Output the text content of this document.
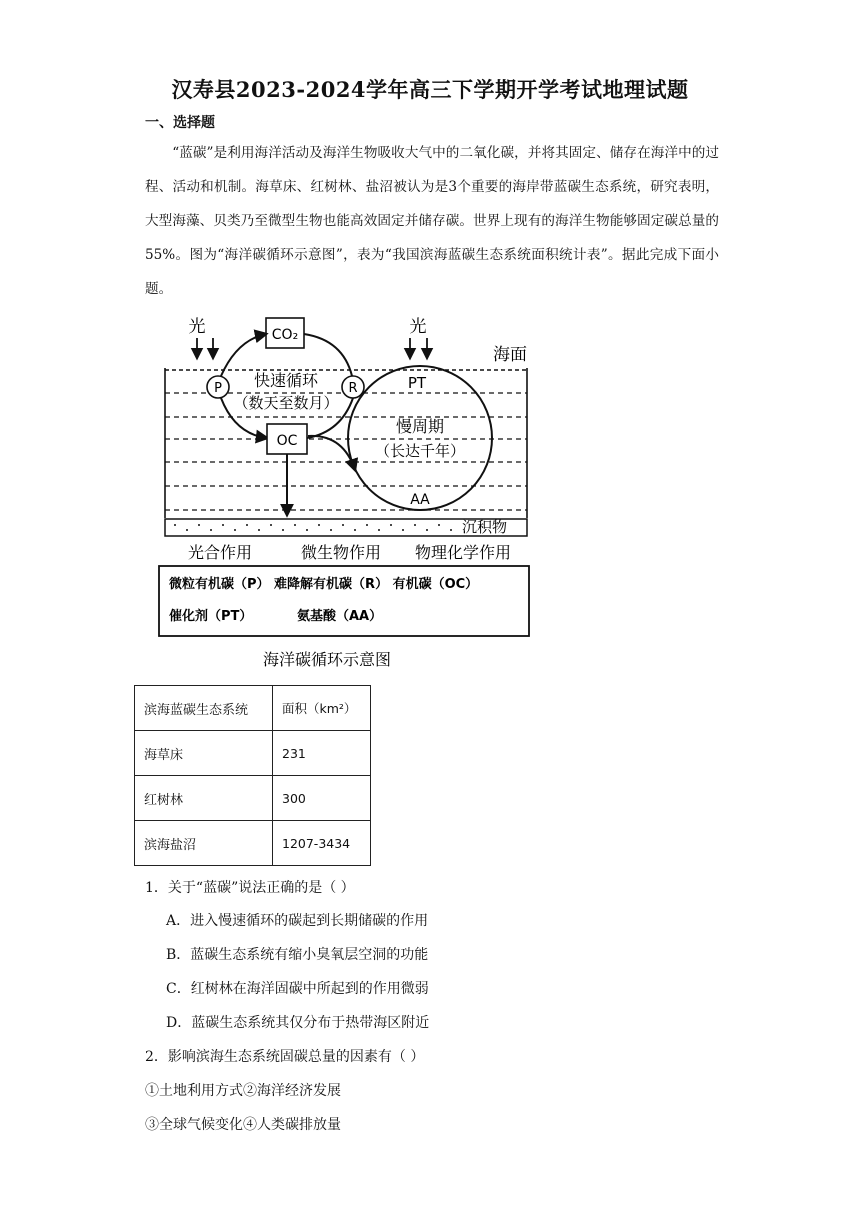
汉寿县2023-2024学年高三下学期开学考试地理试题
一、选择题
“蓝碳”是利用海洋活动及海洋生物吸收大气中的二氧化碳，并将其固定、储存在海洋中的过程、活动和机制。海草床、红树林、盐沼被认为是3个重要的海岸带蓝碳生态系统，研究表明，大型海藻、贝类乃至微型生物也能高效固定并储存碳。世界上现有的海洋生物能够固定碳总量的55%。图为“海洋碳循环示意图”，表为“我国滨海蓝碳生态系统面积统计表”。据此完成下面小题。
光	光
CO₂
海面
沉积物
P	R
快速循环
（数天至数月）
OC
PT
慢周期
（长达千年）
AA
光合作用	微生物作用 物理化学作用
微粒有机碳（P） 难降解有机碳（R） 有机碳（OC）
催化剂（PT）	氨基酸（AA）
海洋碳循环示意图
滨海蓝碳生态系统	面积（km²）
海草床	231
红树林	300
滨海盐沼	1207-3434
1．关于“蓝碳”说法正确的是（ ）
A．进入慢速循环的碳起到长期储碳的作用
B．蓝碳生态系统有缩小臭氧层空洞的功能
C．红树林在海洋固碳中所起到的作用微弱
D．蓝碳生态系统其仅分布于热带海区附近
2．影响滨海生态系统固碳总量的因素有（ ）
①土地利用方式②海洋经济发展
③全球气候变化④人类碳排放量
